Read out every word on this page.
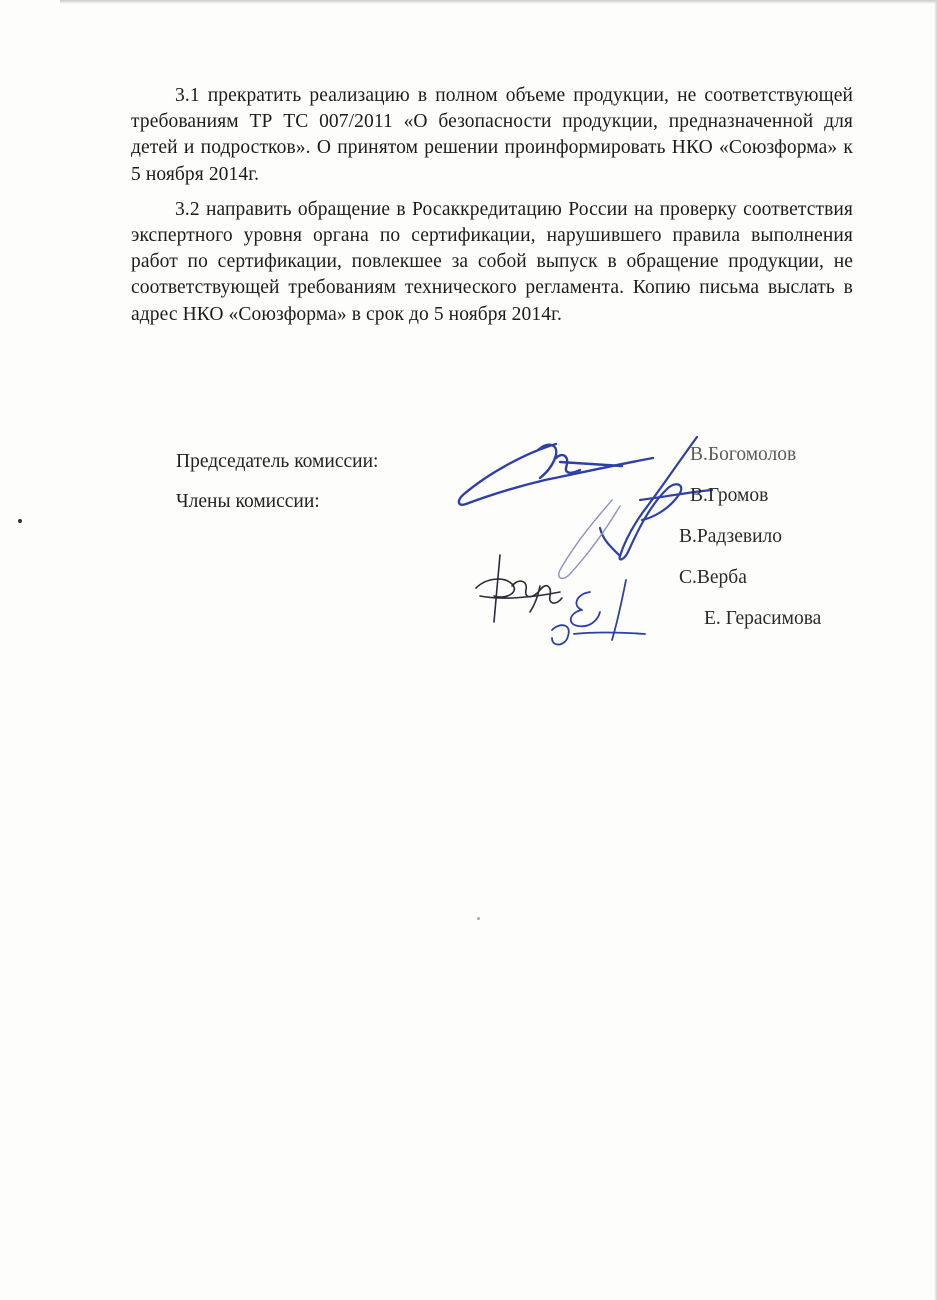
3.1 прекратить реализацию в полном объеме продукции, не соответствующей требованиям ТР ТС 007/2011 «О безопасности продукции, предназначенной для детей и подростков». О принятом решении проинформировать НКО «Союзформа» к 5 ноября 2014г.

3.2 направить обращение в Росаккредитацию России на проверку соответствия экспертного уровня органа по сертификации, нарушившего правила выполнения работ по сертификации, повлекшее за собой выпуск в обращение продукции, не соответствующей требованиям технического регламента. Копию письма выслать в адрес НКО «Союзформа» в срок до 5 ноября 2014г.

Председатель комиссии:
Члены комиссии:
В.Богомолов
В.Громов
В.Радзевило
С.Верба
Е. Герасимова
